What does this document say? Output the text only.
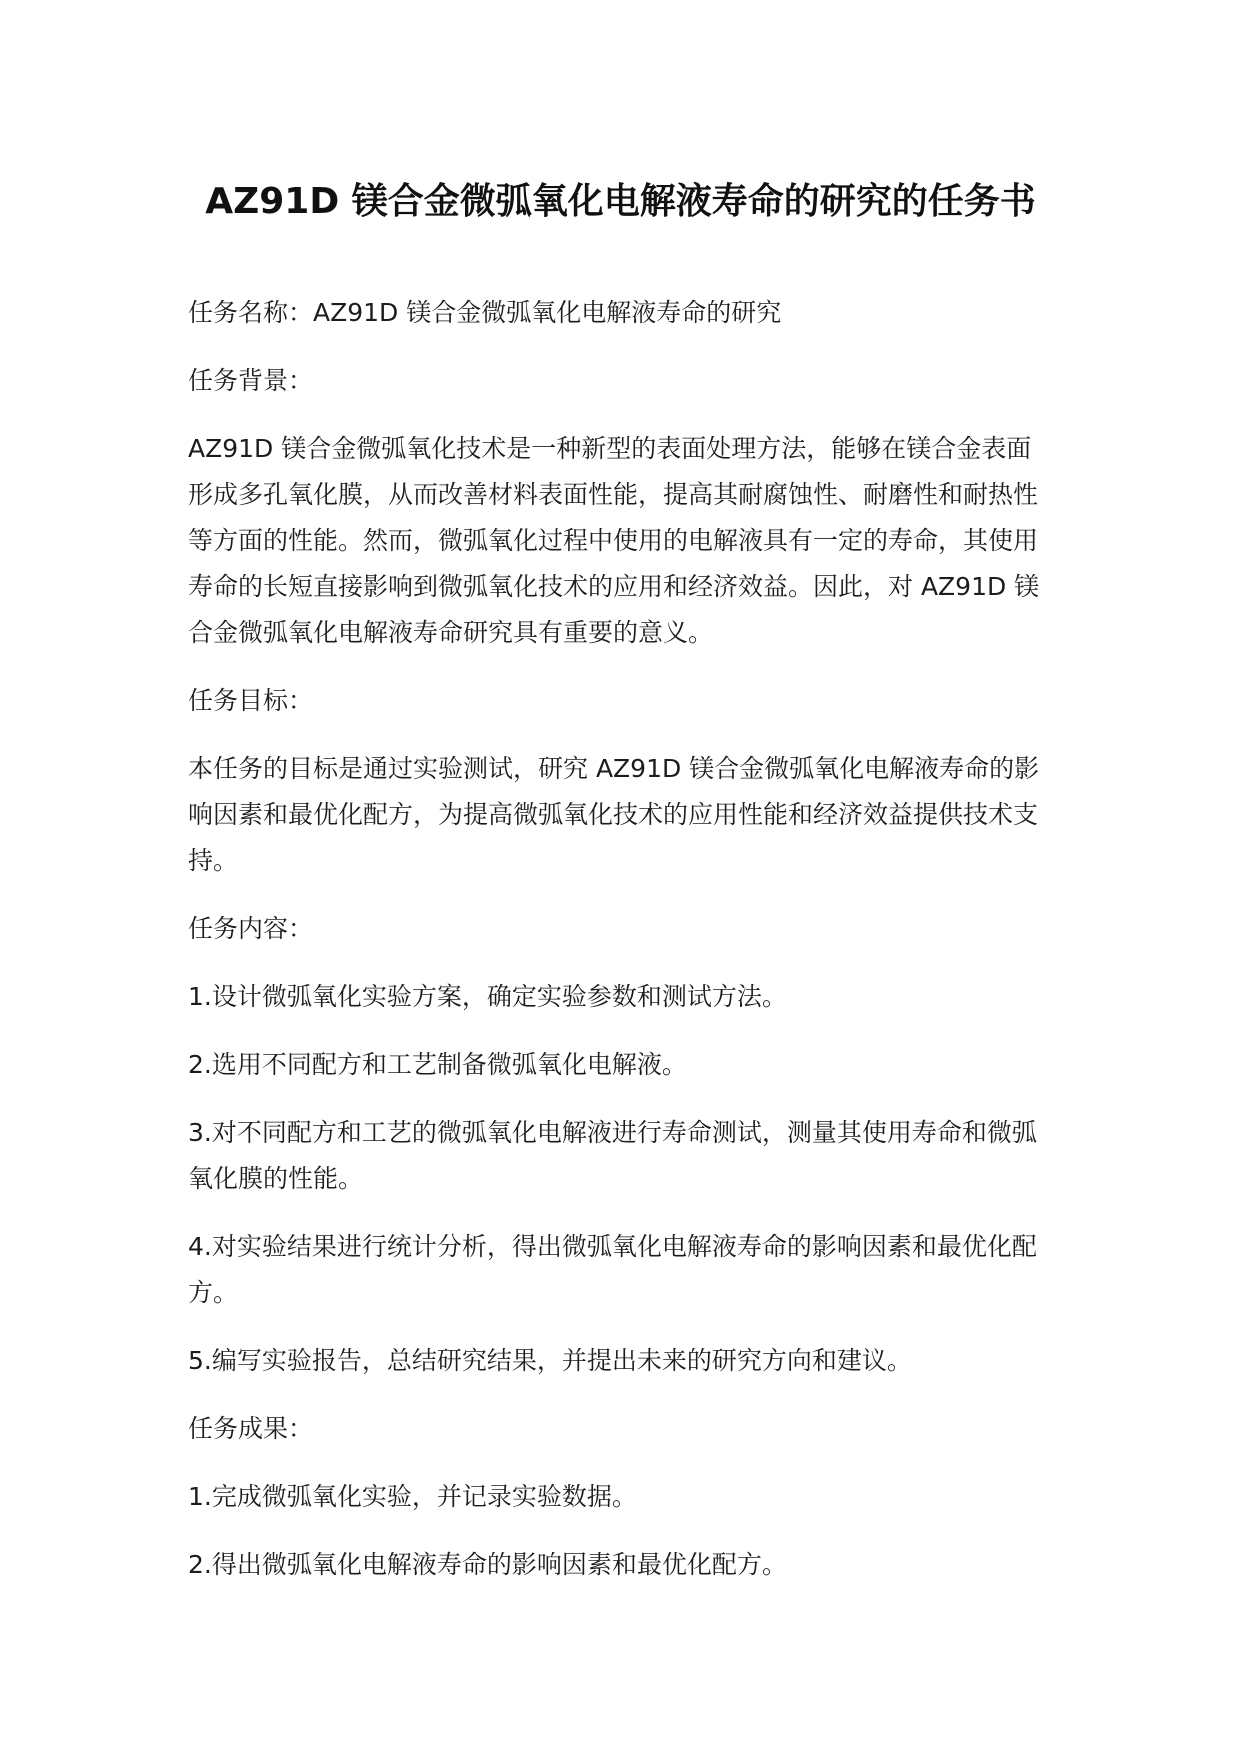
AZ91D 镁合金微弧氧化电解液寿命的研究的任务书

任务名称：AZ91D 镁合金微弧氧化电解液寿命的研究

任务背景：

AZ91D 镁合金微弧氧化技术是一种新型的表面处理方法，能够在镁合金表面形成多孔氧化膜，从而改善材料表面性能，提高其耐腐蚀性、耐磨性和耐热性等方面的性能。然而，微弧氧化过程中使用的电解液具有一定的寿命，其使用寿命的长短直接影响到微弧氧化技术的应用和经济效益。因此，对 AZ91D 镁合金微弧氧化电解液寿命研究具有重要的意义。

任务目标：

本任务的目标是通过实验测试，研究 AZ91D 镁合金微弧氧化电解液寿命的影响因素和最优化配方，为提高微弧氧化技术的应用性能和经济效益提供技术支持。

任务内容：

1.设计微弧氧化实验方案，确定实验参数和测试方法。

2.选用不同配方和工艺制备微弧氧化电解液。

3.对不同配方和工艺的微弧氧化电解液进行寿命测试，测量其使用寿命和微弧氧化膜的性能。

4.对实验结果进行统计分析，得出微弧氧化电解液寿命的影响因素和最优化配方。

5.编写实验报告，总结研究结果，并提出未来的研究方向和建议。

任务成果：

1.完成微弧氧化实验，并记录实验数据。

2.得出微弧氧化电解液寿命的影响因素和最优化配方。
